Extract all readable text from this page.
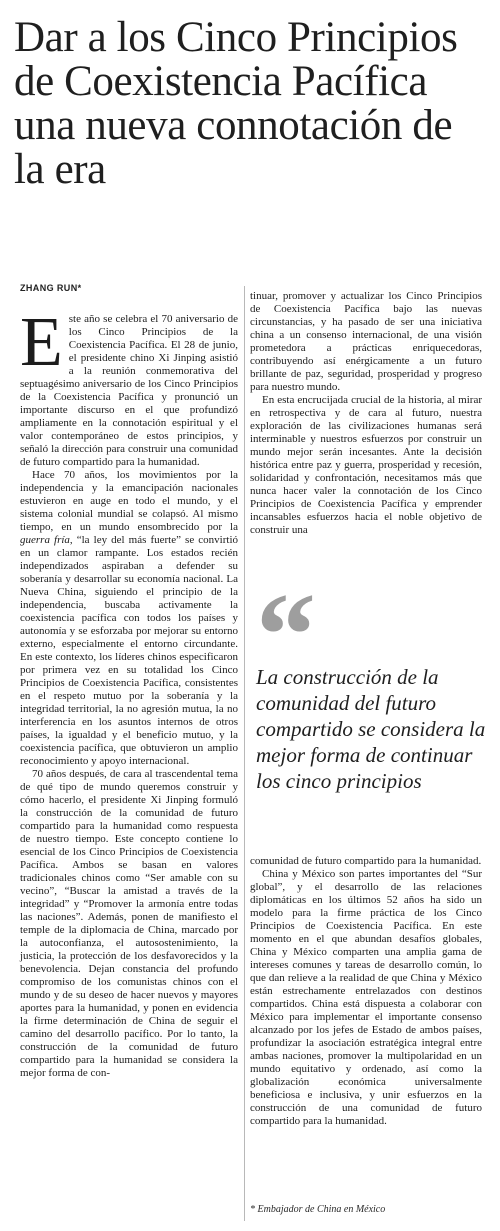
Dar a los Cinco Principios de Coexistencia Pacífica una nueva connotación de la era
ZHANG RUN*

Este año se celebra el 70 aniversario de los Cinco Principios de la Coexistencia Pacífica. El 28 de junio, el presidente chino Xi Jinping asistió a la reunión conmemorativa del septuagésimo aniversario de los Cinco Principios de la Coexistencia Pacífica y pronunció un importante discurso en el que profundizó ampliamente en la connotación espiritual y el valor contemporáneo de estos principios, y señaló la dirección para construir una comunidad de futuro compartido para la humanidad.

Hace 70 años, los movimientos por la independencia y la emancipación nacionales estuvieron en auge en todo el mundo, y el sistema colonial mundial se colapsó. Al mismo tiempo, en un mundo ensombrecido por la guerra fría, “la ley del más fuerte” se convirtió en un clamor rampante. Los estados recién independizados aspiraban a defender su soberanía y desarrollar su economía nacional. La Nueva China, siguiendo el principio de la independencia, buscaba activamente la coexistencia pacífica con todos los países y autonomía y se esforzaba por mejorar su entorno externo, especialmente el entorno circundante. En este contexto, los líderes chinos especificaron por primera vez en su totalidad los Cinco Principios de Coexistencia Pacífica, consistentes en el respeto mutuo por la soberanía y la integridad territorial, la no agresión mutua, la no interferencia en los asuntos internos de otros países, la igualdad y el beneficio mutuo, y la coexistencia pacífica, que obtuvieron un amplio reconocimiento y apoyo internacional.

70 años después, de cara al trascendental tema de qué tipo de mundo queremos construir y cómo hacerlo, el presidente Xi Jinping formuló la construcción de la comunidad de futuro compartido para la humanidad como respuesta de nuestro tiempo. Este concepto contiene lo esencial de los Cinco Principios de Coexistencia Pacífica. Ambos se basan en valores tradicionales chinos como “Ser amable con su vecino”, “Buscar la amistad a través de la integridad” y “Promover la armonía entre todas las naciones”. Además, ponen de manifiesto el temple de la diplomacia de China, marcado por la autoconfianza, el autosostenimiento, la justicia, la protección de los desfavorecidos y la benevolencia. Dejan constancia del profundo compromiso de los comunistas chinos con el mundo y de su deseo de hacer nuevos y mayores aportes para la humanidad, y ponen en evidencia la firme determinación de China de seguir el camino del desarrollo pacífico. Por lo tanto, la construcción de la comunidad de futuro compartido para la humanidad se considera la mejor forma de con-

tinuar, promover y actualizar los Cinco Principios de Coexistencia Pacífica bajo las nuevas circunstancias, y ha pasado de ser una iniciativa china a un consenso internacional, de una visión prometedora a prácticas enriquecedoras, contribuyendo así enérgicamente a un futuro brillante de paz, seguridad, prosperidad y progreso para nuestro mundo.

En esta encrucijada crucial de la historia, al mirar en retrospectiva y de cara al futuro, nuestra exploración de las civilizaciones humanas será interminable y nuestros esfuerzos por construir un mundo mejor serán incesantes. Ante la decisión histórica entre paz y guerra, prosperidad y recesión, solidaridad y confrontación, necesitamos más que nunca hacer valer la connotación de los Cinco Principios de Coexistencia Pacífica y emprender incansables esfuerzos hacia el noble objetivo de construir una

“

La construcción de la comunidad del futuro compartido se considera la mejor forma de continuar los cinco principios

comunidad de futuro compartido para la humanidad.

China y México son partes importantes del “Sur global”, y el desarrollo de las relaciones diplomáticas en los últimos 52 años ha sido un modelo para la firme práctica de los Cinco Principios de Coexistencia Pacífica. En este momento en el que abundan desafíos globales, China y México comparten una amplia gama de intereses comunes y tareas de desarrollo común, lo que dan relieve a la realidad de que China y México están estrechamente entrelazados con destinos compartidos. China está dispuesta a colaborar con México para implementar el importante consenso alcanzado por los jefes de Estado de ambos países, profundizar la asociación estratégica integral entre ambas naciones, promover la multipolaridad en un mundo equitativo y ordenado, así como la globalización económica universalmente beneficiosa e inclusiva, y unir esfuerzos en la construcción de una comunidad de futuro compartido para la humanidad.

* Embajador de China en México
